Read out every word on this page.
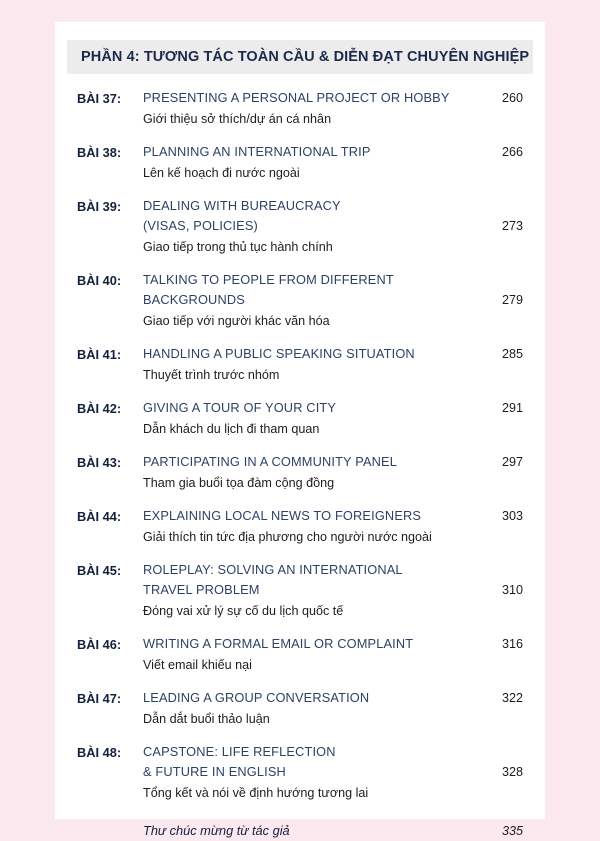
PHẦN 4: TƯƠNG TÁC TOÀN CẦU & DIỄN ĐẠT CHUYÊN NGHIỆP
BÀI 37:	PRESENTING A PERSONAL PROJECT OR HOBBY
Giới thiệu sở thích/dự án cá nhân
260
BÀI 38:	PLANNING AN INTERNATIONAL TRIP
Lên kế hoạch đi nước ngoài
266
BÀI 39:	DEALING WITH BUREAUCRACY
(VISAS, POLICIES)
Giao tiếp trong thủ tục hành chính
273
BÀI 40:	TALKING TO PEOPLE FROM DIFFERENT
BACKGROUNDS
Giao tiếp với người khác văn hóa
279
BÀI 41:	HANDLING A PUBLIC SPEAKING SITUATION
Thuyết trình trước nhóm
285
BÀI 42:	GIVING A TOUR OF YOUR CITY
Dẫn khách du lịch đi tham quan
291
BÀI 43:	PARTICIPATING IN A COMMUNITY PANEL
Tham gia buổi tọa đàm cộng đồng
297
BÀI 44:	EXPLAINING LOCAL NEWS TO FOREIGNERS
Giải thích tin tức địa phương cho người nước ngoài
303
BÀI 45:	ROLEPLAY: SOLVING AN INTERNATIONAL
TRAVEL PROBLEM
Đóng vai xử lý sự cố du lịch quốc tế
310
BÀI 46:	WRITING A FORMAL EMAIL OR COMPLAINT
Viết email khiếu nại
316
BÀI 47:	LEADING A GROUP CONVERSATION
Dẫn dắt buổi thảo luận
322
BÀI 48:	CAPSTONE: LIFE REFLECTION
& FUTURE IN ENGLISH
Tổng kết và nói về định hướng tương lai
328
Thư chúc mừng từ tác giả	335
